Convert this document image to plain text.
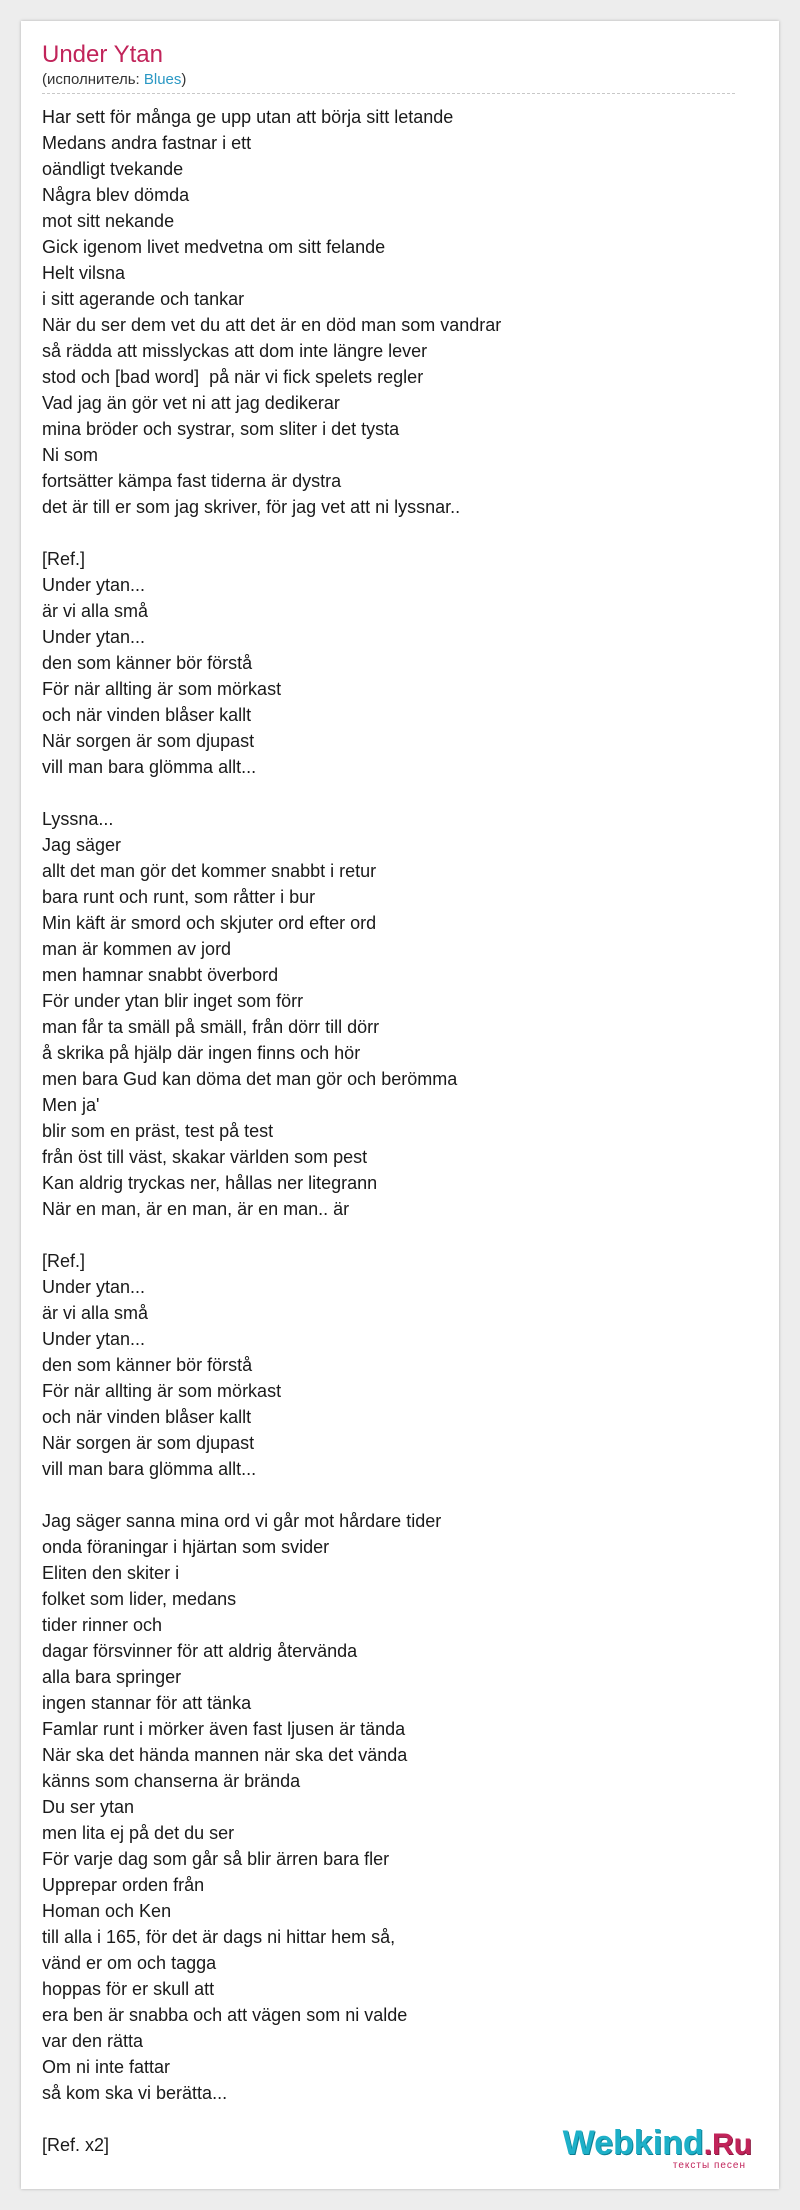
Under Ytan
(исполнитель: Blues)
Har sett för många ge upp utan att börja sitt letande
Medans andra fastnar i ett
oändligt tvekande
Några blev dömda
mot sitt nekande
Gick igenom livet medvetna om sitt felande
Helt vilsna
i sitt agerande och tankar
När du ser dem vet du att det är en död man som vandrar
så rädda att misslyckas att dom inte längre lever
stod och [bad word]  på när vi fick spelets regler
Vad jag än gör vet ni att jag dedikerar
mina bröder och systrar, som sliter i det tysta
Ni som
fortsätter kämpa fast tiderna är dystra
det är till er som jag skriver, för jag vet att ni lyssnar..
[Ref.]
Under ytan...
är vi alla små
Under ytan...
den som känner bör förstå
För när allting är som mörkast
och när vinden blåser kallt
När sorgen är som djupast
vill man bara glömma allt...
Lyssna...
Jag säger
allt det man gör det kommer snabbt i retur
bara runt och runt, som råtter i bur
Min käft är smord och skjuter ord efter ord
man är kommen av jord
men hamnar snabbt överbord
För under ytan blir inget som förr
man får ta smäll på smäll, från dörr till dörr
å skrika på hjälp där ingen finns och hör
men bara Gud kan döma det man gör och berömma
Men ja'
blir som en präst, test på test
från öst till väst, skakar världen som pest
Kan aldrig tryckas ner, hållas ner litegrann
När en man, är en man, är en man.. är
[Ref.]
Under ytan...
är vi alla små
Under ytan...
den som känner bör förstå
För när allting är som mörkast
och när vinden blåser kallt
När sorgen är som djupast
vill man bara glömma allt...
Jag säger sanna mina ord vi går mot hårdare tider
onda föraningar i hjärtan som svider
Eliten den skiter i
folket som lider, medans
tider rinner och
dagar försvinner för att aldrig återvända
alla bara springer
ingen stannar för att tänka
Famlar runt i mörker även fast ljusen är tända
När ska det hända mannen när ska det vända
känns som chanserna är brända
Du ser ytan
men lita ej på det du ser
För varje dag som går så blir ärren bara fler
Upprepar orden från
Homan och Ken
till alla i 165, för det är dags ni hittar hem så,
vänd er om och tagga
hoppas för er skull att
era ben är snabba och att vägen som ni valde
var den rätta
Om ni inte fattar
så kom ska vi berätta...
[Ref. x2]	Webkind.Ru
тексты песен
